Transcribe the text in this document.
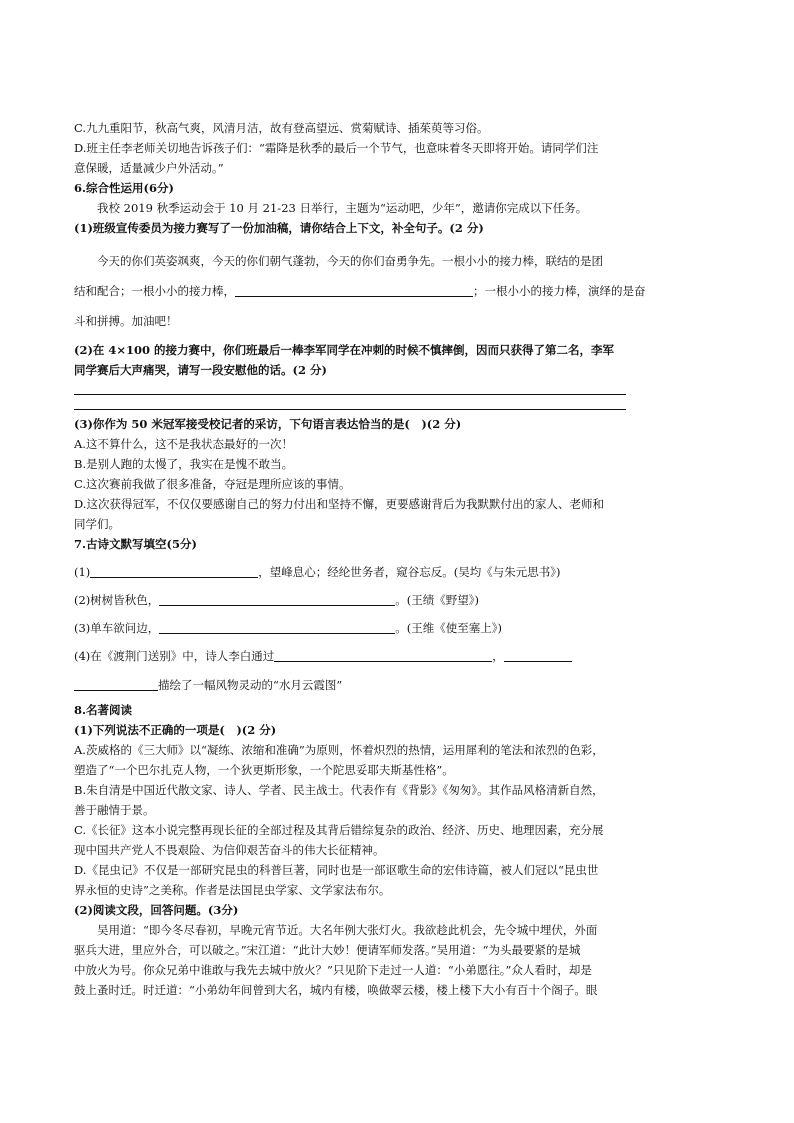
C.九九重阳节，秋高气爽，风清月洁，故有登高望远、赏菊赋诗、插茱萸等习俗。
D.班主任李老师关切地告诉孩子们：“霜降是秋季的最后一个节气，也意味着冬天即将开始。请同学们注
意保暖，适量减少户外活动。”
6.综合性运用(6分)
我校 2019 秋季运动会于 10 月 21-23 日举行，主题为“运动吧，少年”，邀请你完成以下任务。
(1)班级宣传委员为接力赛写了一份加油稿，请你结合上下文，补全句子。(2 分)
今天的你们英姿飒爽，今天的你们朝气蓬勃，今天的你们奋勇争先。一根小小的接力棒，联结的是团
结和配合；一根小小的接力棒，	；一根小小的接力棒，演绎的是奋
斗和拼搏。加油吧！
(2)在 4×100 的接力赛中，你们班最后一棒李军同学在冲刺的时候不慎摔倒，因而只获得了第二名，李军
同学赛后大声痛哭，请写一段安慰他的话。(2 分)
(3)你作为 50 米冠军接受校记者的采访，下句语言表达恰当的是(　)(2 分)
A.这不算什么，这不是我状态最好的一次！
B.是别人跑的太慢了，我实在是愧不敢当。
C.这次赛前我做了很多准备，夺冠是理所应该的事情。
D.这次获得冠军，不仅仅要感谢自己的努力付出和坚持不懈，更要感谢背后为我默默付出的家人、老师和
同学们。
7.古诗文默写填空(5分)
(1)	，望峰息心；经纶世务者，窥谷忘反。(吴均《与朱元思书》)
(2)树树皆秋色，	。(王绩《野望》)
(3)单车欲问边，	。(王维《使至塞上》)
(4)在《渡荆门送别》中，诗人李白通过	，
描绘了一幅风物灵动的“水月云霞图”
8.名著阅读
(1)下列说法不正确的一项是(　)(2 分)
A.茨威格的《三大师》以“凝练、浓缩和准确”为原则，怀着炽烈的热情，运用犀利的笔法和浓烈的色彩，
塑造了“一个巴尔扎克人物，一个狄更斯形象，一个陀思妥耶夫斯基性格”。
B.朱自清是中国近代散文家、诗人、学者、民主战士。代表作有《背影》《匆匆》。其作品风格清新自然，
善于融情于景。
C.《长征》这本小说完整再现长征的全部过程及其背后错综复杂的政治、经济、历史、地理因素，充分展
现中国共产党人不畏艰险、为信仰艰苦奋斗的伟大长征精神。
D.《昆虫记》不仅是一部研究昆虫的科普巨著，同时也是一部讴歌生命的宏伟诗篇，被人们冠以“昆虫世
界永恒的史诗”之美称。作者是法国昆虫学家、文学家法布尔。
(2)阅读文段，回答问题。(3分)
吴用道：“即今冬尽春初，早晚元宵节近。大名年例大张灯火。我欲趁此机会，先令城中埋伏，外面
驱兵大进，里应外合，可以破之。”宋江道：“此计大妙！便请军师发落。”吴用道：“为头最要紧的是城
中放火为号。你众兄弟中谁敢与我先去城中放火？”只见阶下走过一人道：“小弟愿往。”众人看时，却是
鼓上蚤时迁。时迁道：“小弟幼年间曾到大名，城内有楼，唤做翠云楼，楼上楼下大小有百十个阁子。眼
